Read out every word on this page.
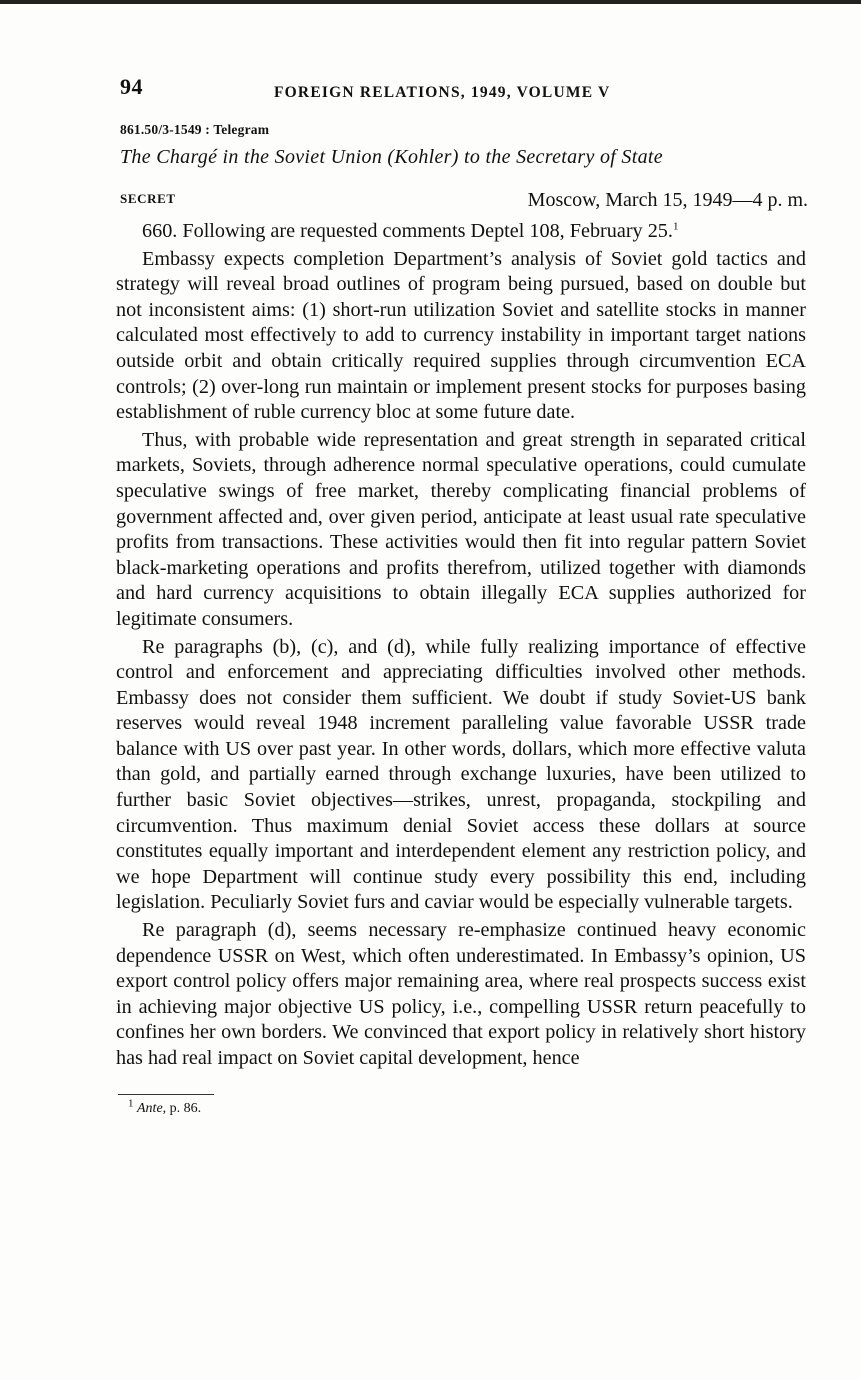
94	FOREIGN RELATIONS, 1949, VOLUME V
861.50/3-1549 : Telegram
The Chargé in the Soviet Union (Kohler) to the Secretary of State
SECRET	Moscow, March 15, 1949—4 p. m.

660. Following are requested comments Deptel 108, February 25.$^1$

Embassy expects completion Department’s analysis of Soviet gold tactics and strategy will reveal broad outlines of program being pursued, based on double but not inconsistent aims: (1) short-run utilization Soviet and satellite stocks in manner calculated most effectively to add to currency instability in important target nations outside orbit and obtain critically required supplies through circumvention ECA controls; (2) over-long run maintain or implement present stocks for purposes basing establishment of ruble currency bloc at some future date.

Thus, with probable wide representation and great strength in separated critical markets, Soviets, through adherence normal speculative operations, could cumulate speculative swings of free market, thereby complicating financial problems of government affected and, over given period, anticipate at least usual rate speculative profits from transactions. These activities would then fit into regular pattern Soviet black-marketing operations and profits therefrom, utilized together with diamonds and hard currency acquisitions to obtain illegally ECA supplies authorized for legitimate consumers.

Re paragraphs (b), (c), and (d), while fully realizing importance of effective control and enforcement and appreciating difficulties involved other methods. Embassy does not consider them sufficient. We doubt if study Soviet-US bank reserves would reveal 1948 increment paralleling value favorable USSR trade balance with US over past year. In other words, dollars, which more effective valuta than gold, and partially earned through exchange luxuries, have been utilized to further basic Soviet objectives—strikes, unrest, propaganda, stockpiling and circumvention. Thus maximum denial Soviet access these dollars at source constitutes equally important and interdependent element any restriction policy, and we hope Department will continue study every possibility this end, including legislation. Peculiarly Soviet furs and caviar would be especially vulnerable targets.

Re paragraph (d), seems necessary re-emphasize continued heavy economic dependence USSR on West, which often underestimated. In Embassy’s opinion, US export control policy offers major remaining area, where real prospects success exist in achieving major objective US policy, i.e., compelling USSR return peacefully to confines her own borders. We convinced that export policy in relatively short history has had real impact on Soviet capital development, hence

$^1$ Ante, p. 86.
